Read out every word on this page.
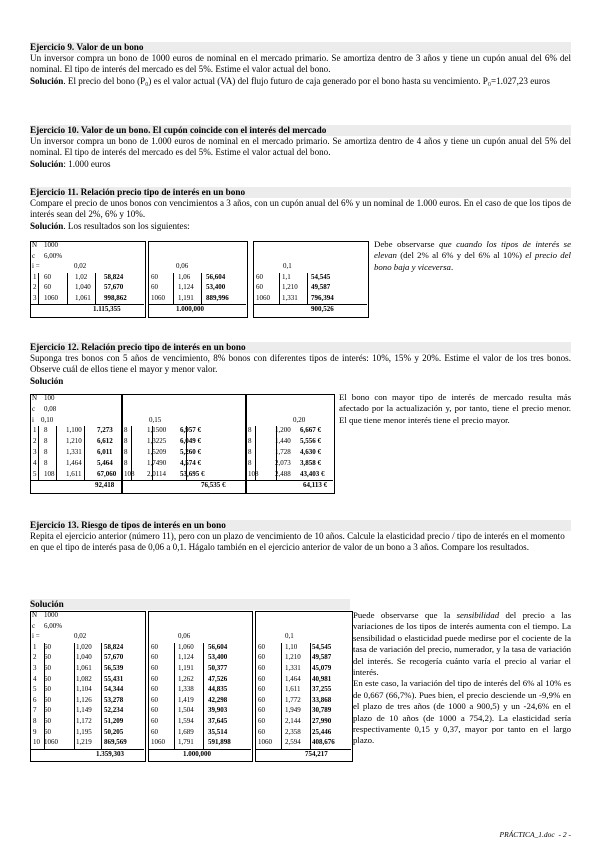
Ejercicio 9. Valor de un bono

Un inversor compra un bono de 1000 euros de nominal en el mercado primario. Se amortiza dentro de 3 años y tiene un cupón anual del 6% del nominal. El tipo de interés del mercado es del 5%. Estime el valor actual del bono.
Solución. El precio del bono (P₀) es el valor actual (VA) del flujo futuro de caja generado por el bono hasta su vencimiento. P₀=1.027,23 euros

Ejercicio 10. Valor de un bono. El cupón coincide con el interés del mercado

Un inversor compra un bono de 1.000 euros de nominal en el mercado primario. Se amortiza dentro de 4 años y tiene un cupón anual del 5% del nominal. El tipo de interés del mercado es del 5%. Estime el valor actual del bono.
Solución: 1.000 euros

Ejercicio 11. Relación precio tipo de interés en un bono

Compare el precio de unos bonos con vencimientos a 3 años, con un cupón anual del 6% y un nominal de 1.000 euros. En el caso de que los tipos de interés sean del 2%, 6% y 10%.
Solución. Los resultados son los siguientes:

N 1000
c 6,00%
i =	0,02
1 60	1,02 58,824
2 60	1,040 57,670
3 1060 1,061 998,862
1.115,355
0,06
60	1,06 56,604
60	1,124 53,400
1060 1,191 889,996
1.000,000
0,1
60	1,1	54,545
60	1,210 49,587
1060 1,331 796,394
900,526
Debe observarse que cuando los tipos de interés se elevan (del 2% al 6% y del 6% al 10%) el precio del bono baja y viceversa.
Ejercicio 12. Relación precio tipo de interés en un bono

Suponga tres bonos con 5 años de vencimiento, 8% bonos con diferentes tipos de interés: 10%, 15% y 20%. Estime el valor de los tres bonos. Observe cuál de ellos tiene el mayor y menor valor.

Solución
N 100
c 0,08
i 0,10
1 8	1,100 7,273
2 8	1,210 6,612
3 8	1,331 6,011
4 8	1,464 5,464
5 108 1,611 67,060
92,418
0,15
8	1,1500 6,957 €
8	1,3225 6,049 €
8	1,5209 5,260 €
8	1,7490 4,574 €
108 2,0114 53,695 €
76,535 €
0,20
8	1,200 6,667 €
8	1,440 5,556 €
8	1,728 4,630 €
8	2,073 3,858 €
108 2,488 43,403 €
64,113 €
El bono con mayor tipo de interés de mercado resulta más afectado por la actualización y, por tanto, tiene el precio menor. El que tiene menor interés tiene el precio mayor.
Ejercicio 13. Riesgo de tipos de interés en un bono

Repita el ejercicio anterior (número 11), pero con un plazo de vencimiento de 10 años. Calcule la elasticidad precio / tipo de interés en el momento en que el tipo de interés pasa de 0,06 a 0,1. Hágalo también en el ejercicio anterior de valor de un bono a 3 años. Compare los resultados.

Solución
N 1000
c 6,00%
i =	0,02
1 60	1,020 58,824
2 60	1,040 57,670
3 60	1,061 56,539
4 60	1,082 55,431
5 60	1,104 54,344
6 60	1,126 53,278
7 60	1,149 52,234
8 60	1,172 51,209
9 60	1,195 50,205
10 1060	1,219 869,569
1.359,303
0,06
60	1,060 56,604
60	1,124 53,400
60	1,191 50,377
60	1,262 47,526
60	1,338 44,835
60	1,419 42,298
60	1,504 39,903
60	1,594 37,645
60	1,689 35,514
1060 1,791 591,898
1.000,000
0,1
60	1,10 54,545
60	1,210 49,587
60	1,331 45,079
60	1,464 40,981
60	1,611 37,255
60	1,772 33,868
60	1,949 30,789
60	2,144 27,990
60	2,358 25,446
1060 2,594 408,676
754,217
Puede observarse que la sensibilidad del precio a las variaciones de los tipos de interés aumenta con el tiempo. La sensibilidad o elasticidad puede medirse por el cociente de la tasa de variación del precio, numerador, y la tasa de variación del interés. Se recogería cuánto varía el precio al variar el interés.
En este caso, la variación del tipo de interés del 6% al 10% es de 0,667 (66,7%). Pues bien, el precio desciende un -9,9% en el plazo de tres años (de 1000 a 900,5) y un -24,6% en el plazo de 10 años (de 1000 a 754,2). La elasticidad sería respectivamente 0,15 y 0,37, mayor por tanto en el largo plazo.
PRÁCTICA_1.doc - 2 -
